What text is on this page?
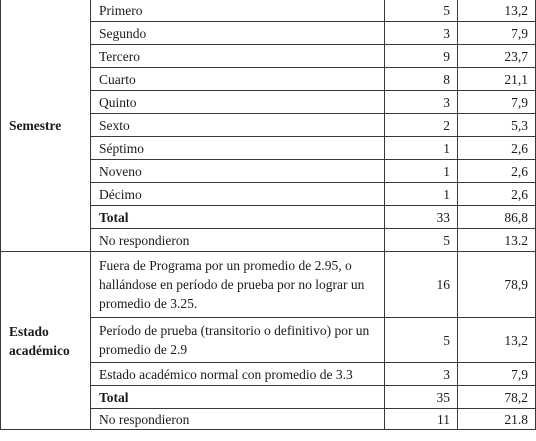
Semestre	Primero	5	13,2
	Segundo	3	7,9
	Tercero	9	23,7
	Cuarto	8	21,1
	Quinto	3	7,9
	Sexto	2	5,3
	Séptimo	1	2,6
	Noveno	1	2,6
	Décimo	1	2,6
	Total	33	86,8
	No respondieron	5	13.2
Estado académico	Fuera de Programa por un promedio de 2.95, o hallándose en período de prueba por no lograr un promedio de 3.25.	16	78,9
	Período de prueba (transitorio o definitivo) por un promedio de 2.9	5	13,2
	Estado académico normal con promedio de 3.3	3	7,9
	Total	35	78,2
	No respondieron	11	21.8
